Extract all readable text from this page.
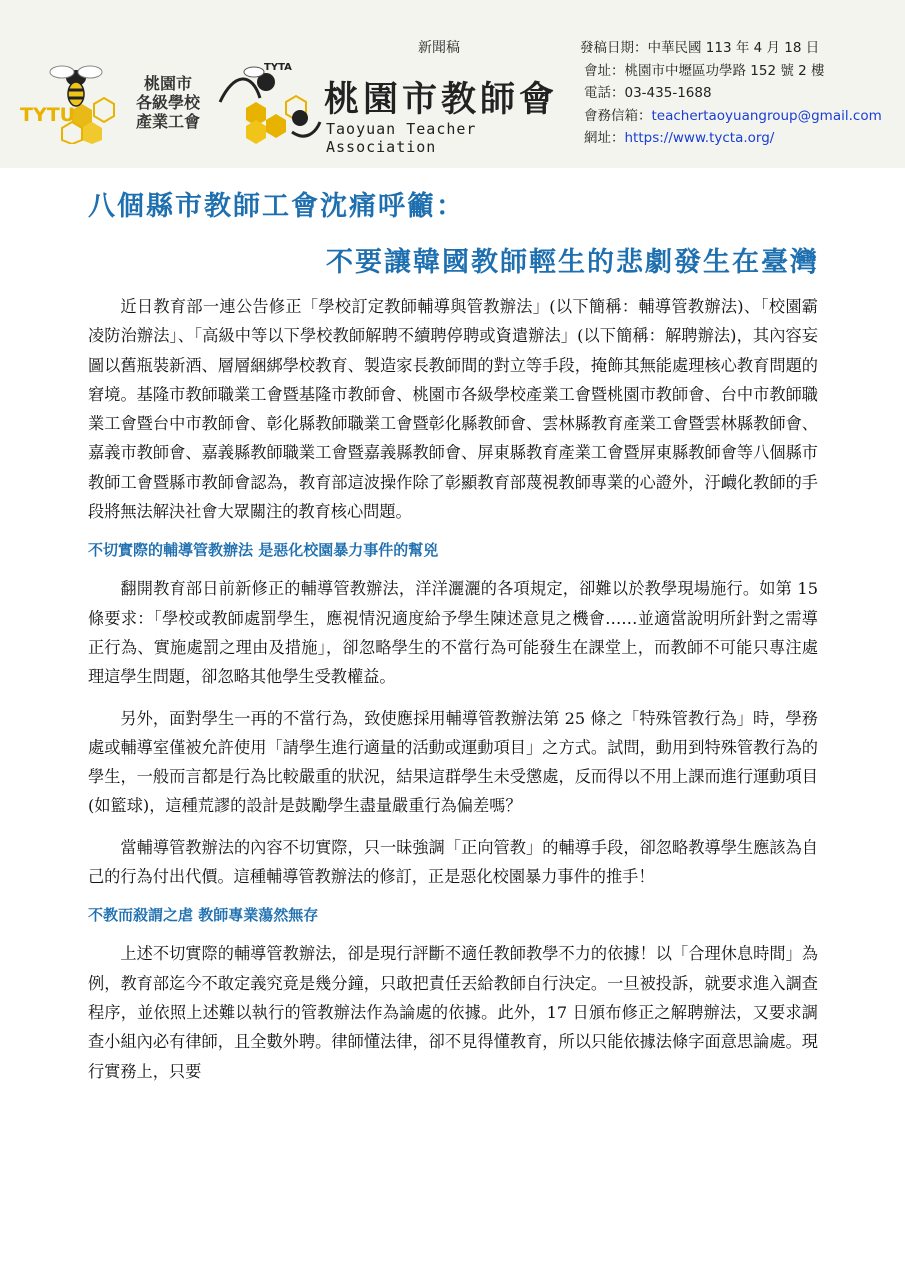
新聞稿
TYTU
桃園市
各級學校
產業工會
TYTA
桃園市教師會
Taoyuan Teacher Association
發稿日期：中華民國 113 年 4 月 18 日
會址：桃園市中壢區功學路 152 號 2 樓
電話：03-435-1688
會務信箱：teachertaoyuangroup@gmail.com
網址：https://www.tycta.org/
八個縣市教師工會沈痛呼籲：
不要讓韓國教師輕生的悲劇發生在臺灣

近日教育部一連公告修正「學校訂定教師輔導與管教辦法」(以下簡稱：輔導管教辦法)、「校園霸凌防治辦法」、「高級中等以下學校教師解聘不續聘停聘或資遣辦法」(以下簡稱：解聘辦法)，其內容妄圖以舊瓶裝新酒、層層綑綁學校教育、製造家長教師間的對立等手段，掩飾其無能處理核心教育問題的窘境。基隆市教師職業工會暨基隆市教師會、桃園市各級學校產業工會暨桃園市教師會、台中市教師職業工會暨台中市教師會、彰化縣教師職業工會暨彰化縣教師會、雲林縣教育產業工會暨雲林縣教師會、嘉義市教師會、嘉義縣教師職業工會暨嘉義縣教師會、屏東縣教育產業工會暨屏東縣教師會等八個縣市教師工會暨縣市教師會認為，教育部這波操作除了彰顯教育部蔑視教師專業的心證外，汙衊化教師的手段將無法解決社會大眾關注的教育核心問題。

不切實際的輔導管教辦法 是惡化校園暴力事件的幫兇

翻開教育部日前新修正的輔導管教辦法，洋洋灑灑的各項規定，卻難以於教學現場施行。如第 15 條要求：「學校或教師處罰學生，應視情況適度給予學生陳述意見之機會……並適當說明所針對之需導正行為、實施處罰之理由及措施」，卻忽略學生的不當行為可能發生在課堂上，而教師不可能只專注處理這學生問題，卻忽略其他學生受教權益。

另外，面對學生一再的不當行為，致使應採用輔導管教辦法第 25 條之「特殊管教行為」時，學務處或輔導室僅被允許使用「請學生進行適量的活動或運動項目」之方式。試問，動用到特殊管教行為的學生，一般而言都是行為比較嚴重的狀況，結果這群學生未受懲處，反而得以不用上課而進行運動項目(如籃球)，這種荒謬的設計是鼓勵學生盡量嚴重行為偏差嗎？

當輔導管教辦法的內容不切實際，只一昧強調「正向管教」的輔導手段，卻忽略教導學生應該為自己的行為付出代價。這種輔導管教辦法的修訂，正是惡化校園暴力事件的推手！

不教而殺謂之虐 教師專業蕩然無存

上述不切實際的輔導管教辦法，卻是現行評斷不適任教師教學不力的依據！以「合理休息時間」為例，教育部迄今不敢定義究竟是幾分鐘，只敢把責任丟給教師自行決定。一旦被投訴，就要求進入調查程序，並依照上述難以執行的管教辦法作為論處的依據。此外，17 日頒布修正之解聘辦法，又要求調查小組內必有律師，且全數外聘。律師懂法律，卻不見得懂教育，所以只能依據法條字面意思論處。現行實務上，只要
